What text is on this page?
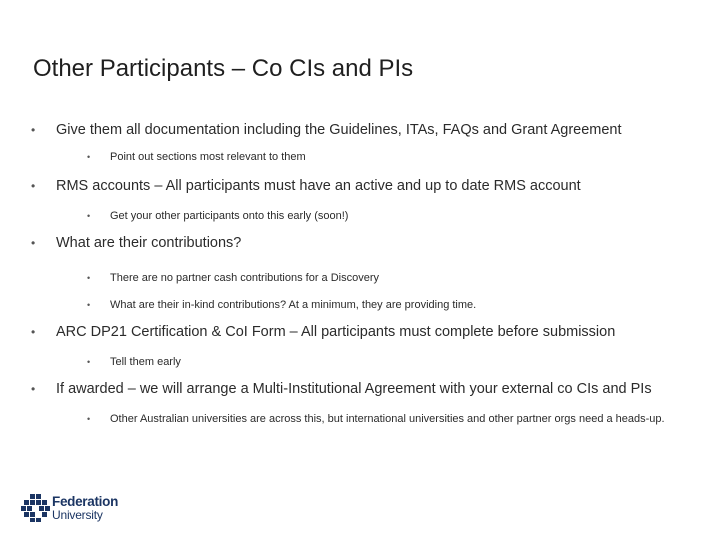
Other Participants – Co CIs and PIs
• Give them all documentation including the Guidelines, ITAs, FAQs and Grant Agreement
• Point out sections most relevant to them
• RMS accounts – All participants must have an active and up to date RMS account
• Get your other participants onto this early (soon!)
• What are their contributions?
• There are no partner cash contributions for a Discovery
• What are their in-kind contributions? At a minimum, they are providing time.
• ARC DP21 Certification & CoI Form – All participants must complete before submission
• Tell them early
• If awarded – we will arrange a Multi-Institutional Agreement with your external co CIs and PIs
• Other Australian universities are across this, but international universities and other partner orgs need a heads-up.
Federation
University
